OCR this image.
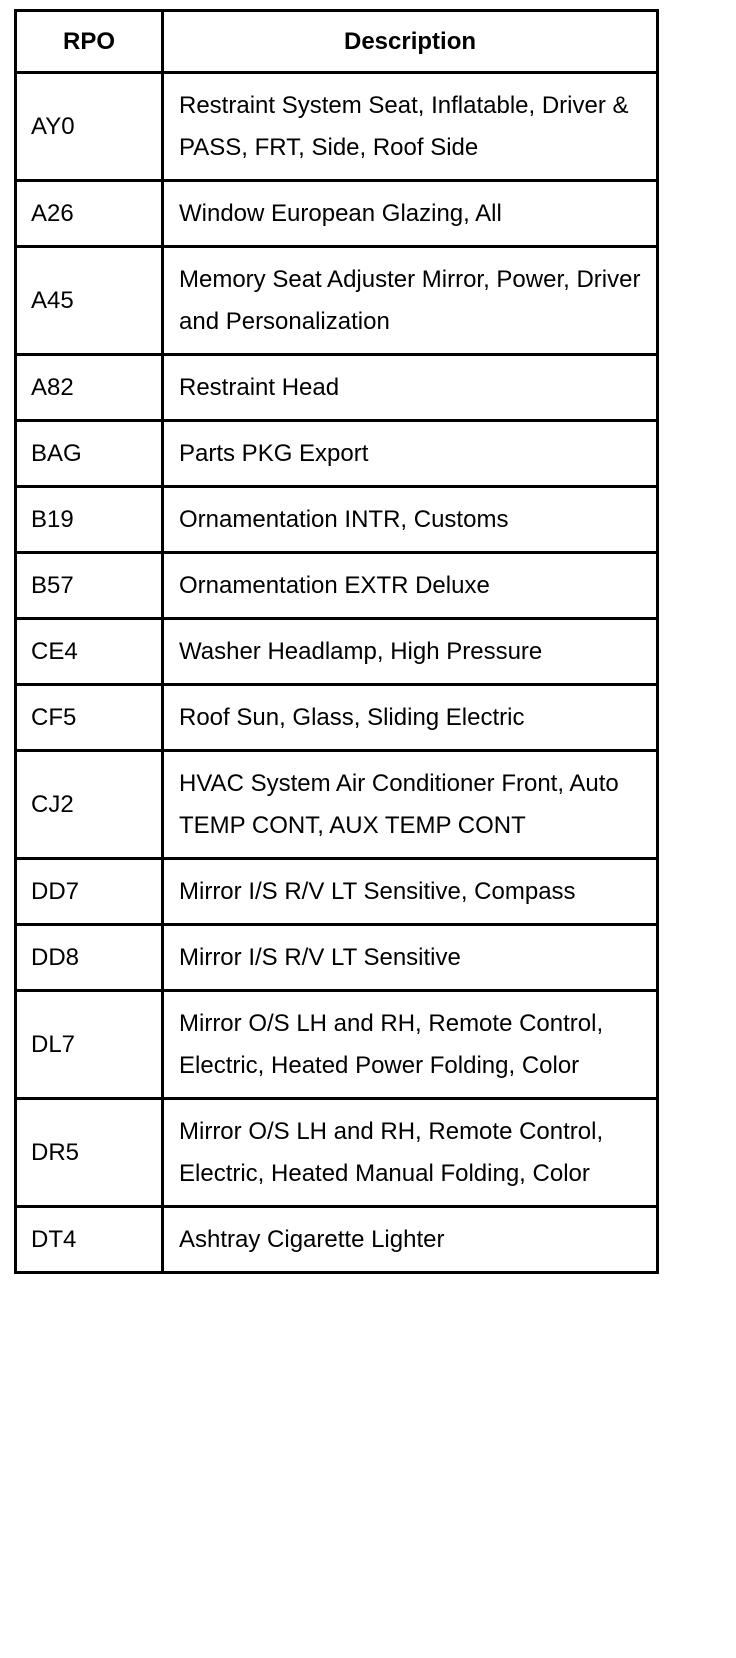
RPO	Description
AY0	Restraint System Seat, Inflatable, Driver & PASS, FRT, Side, Roof Side
A26	Window European Glazing, All
A45	Memory Seat Adjuster Mirror, Power, Driver and Personalization
A82	Restraint Head
BAG	Parts PKG Export
B19	Ornamentation INTR, Customs
B57	Ornamentation EXTR Deluxe
CE4	Washer Headlamp, High Pressure
CF5	Roof Sun, Glass, Sliding Electric
CJ2	HVAC System Air Conditioner Front, Auto TEMP CONT, AUX TEMP CONT
DD7	Mirror I/S R/V LT Sensitive, Compass
DD8	Mirror I/S R/V LT Sensitive
DL7	Mirror O/S LH and RH, Remote Control, Electric, Heated Power Folding, Color
DR5	Mirror O/S LH and RH, Remote Control, Electric, Heated Manual Folding, Color
DT4	Ashtray Cigarette Lighter
